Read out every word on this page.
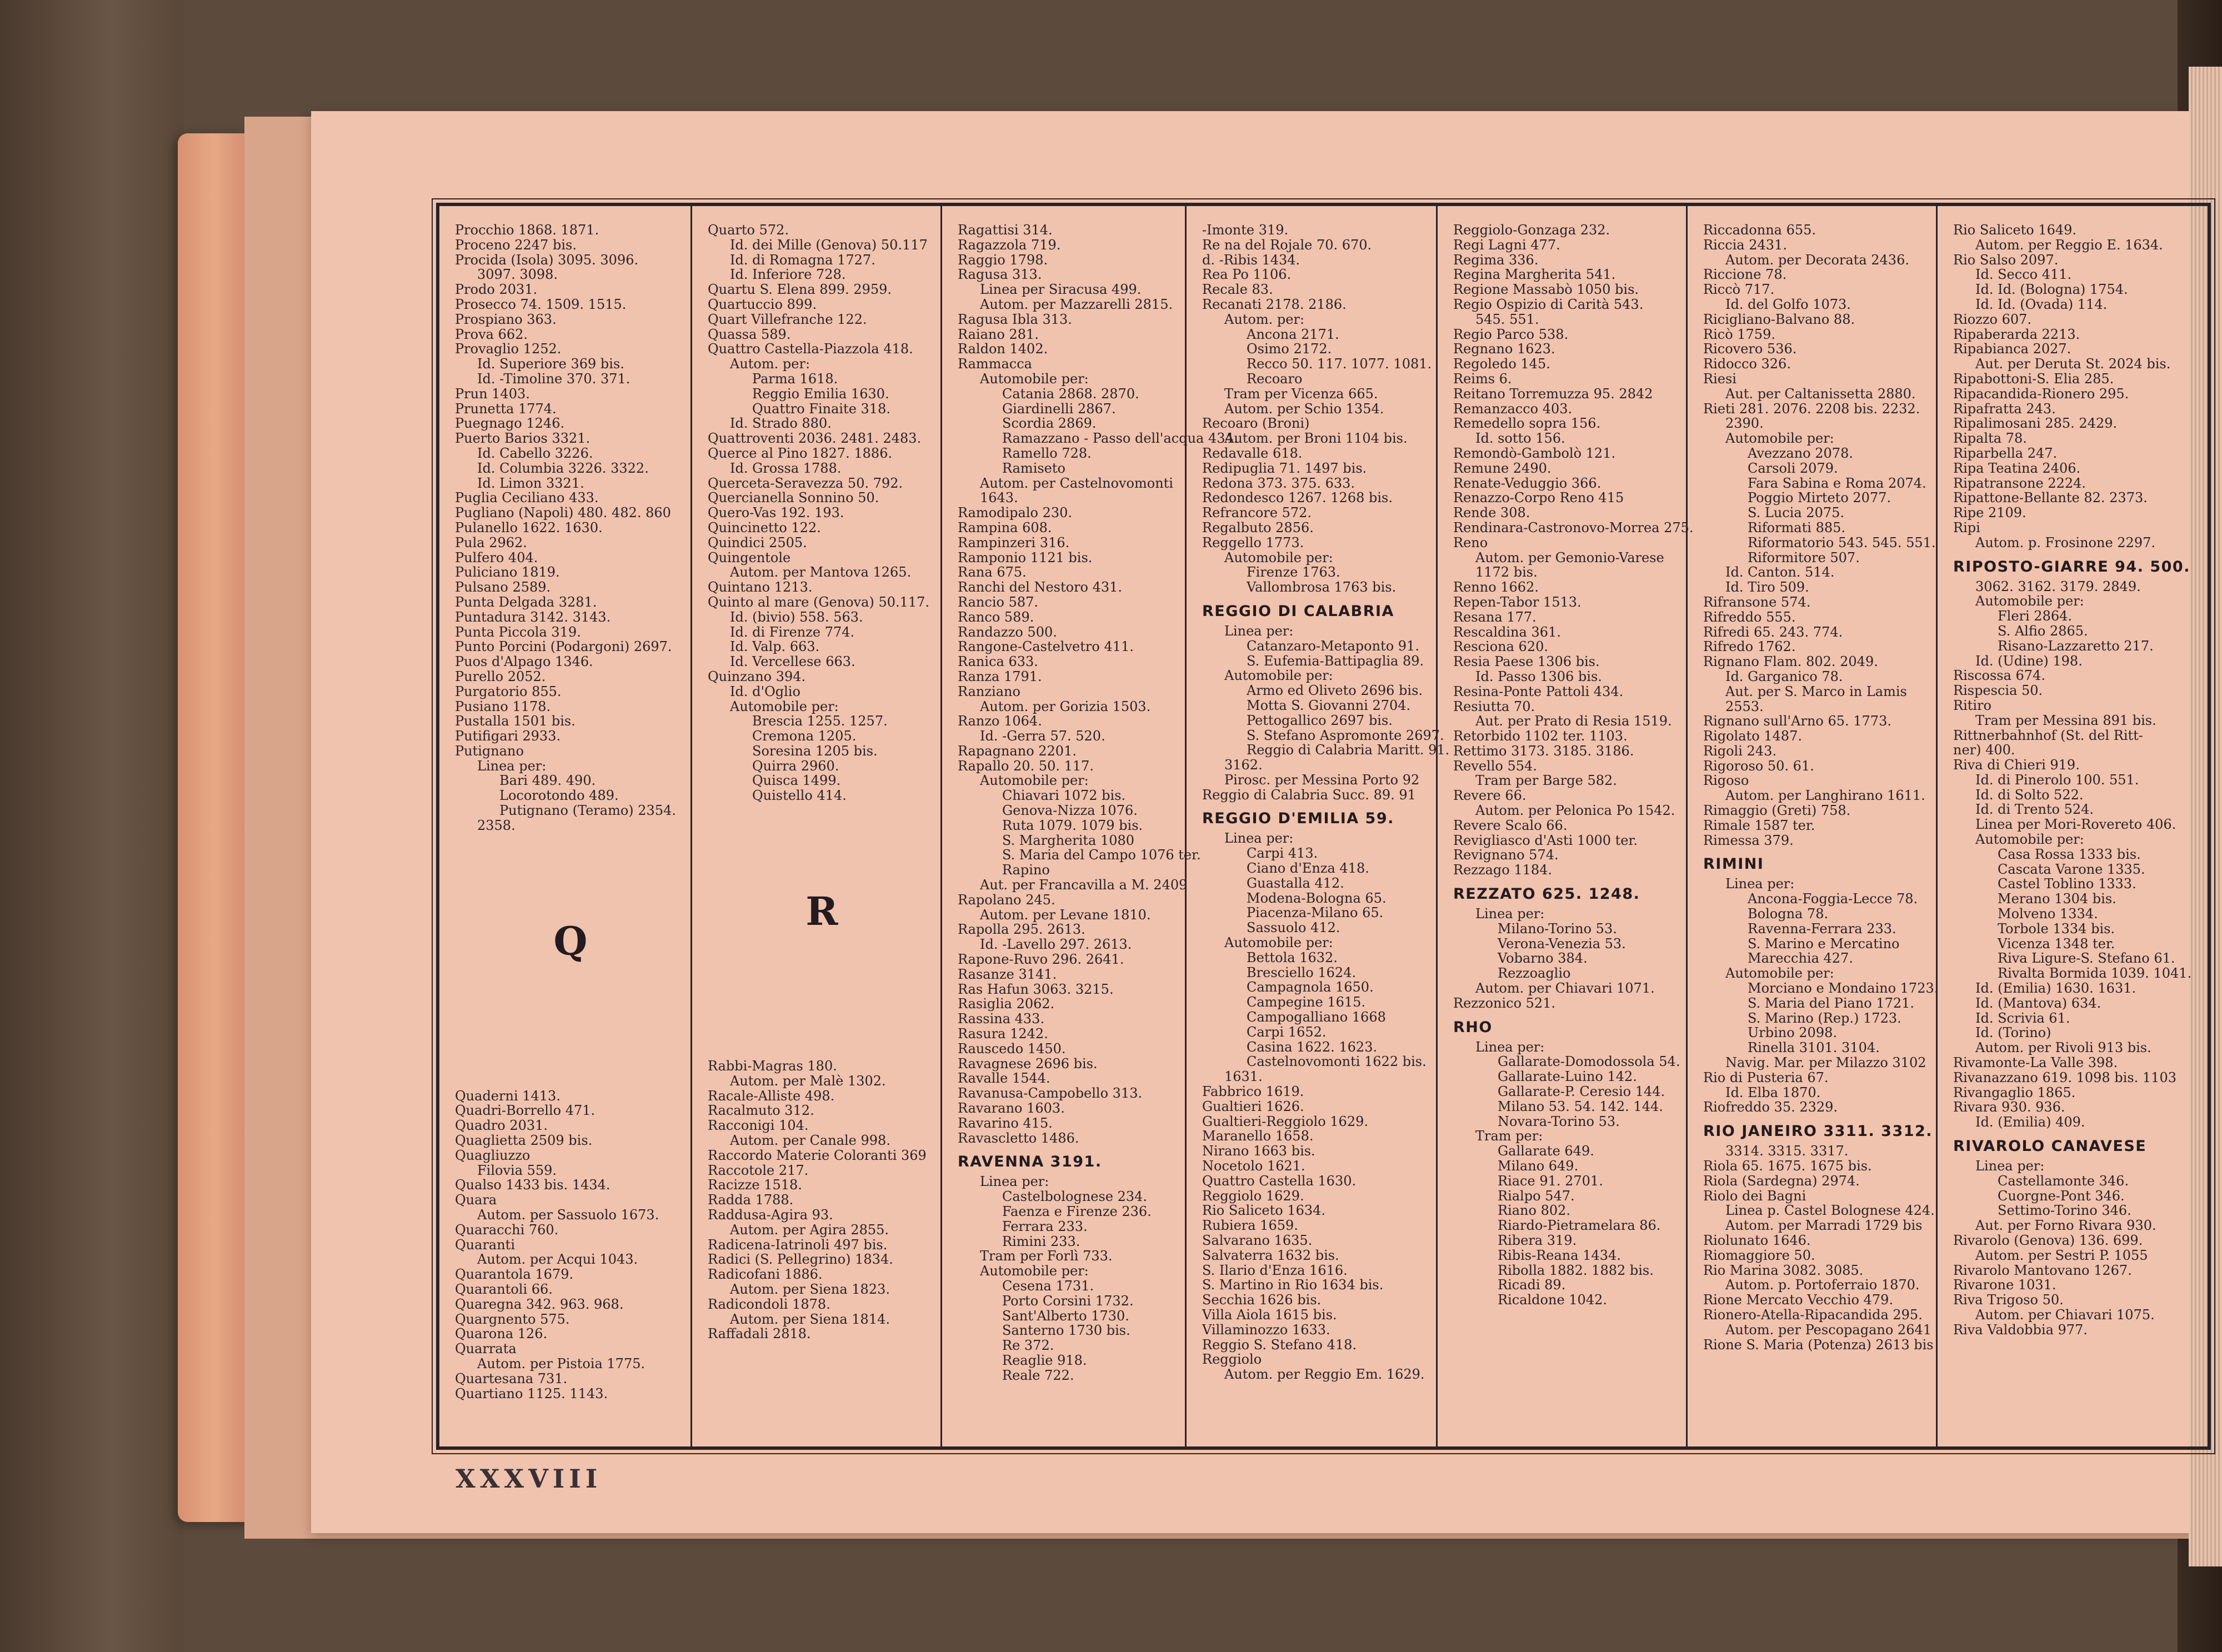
Procchio 1868. 1871.
Proceno 2247 bis.
Procida (Isola) 3095. 3096.
3097. 3098.
Prodo 2031.
Prosecco 74. 1509. 1515.
Prospiano 363.
Prova 662.
Provaglio 1252.
Id. Superiore 369 bis.
Id. -Timoline 370. 371.
Prun 1403.
Prunetta 1774.
Puegnago 1246.
Puerto Barios 3321.
Id. Cabello 3226.
Id. Columbia 3226. 3322.
Id. Limon 3321.
Puglia Ceciliano 433.
Pugliano (Napoli) 480. 482. 860
Pulanello 1622. 1630.
Pula 2962.
Pulfero 404.
Puliciano 1819.
Pulsano 2589.
Punta Delgada 3281.
Puntadura 3142. 3143.
Punta Piccola 319.
Punto Porcini (Podargoni) 2697.
Puos d'Alpago 1346.
Purello 2052.
Purgatorio 855.
Pusiano 1178.
Pustalla 1501 bis.
Putifigari 2933.
Putignano
Linea per:
Bari 489. 490.
Locorotondo 489.
Putignano (Teramo) 2354.
2358.
Q
Quaderni 1413.
Quadri-Borrello 471.
Quadro 2031.
Quaglietta 2509 bis.
Quagliuzzo
Filovia 559.
Qualso 1433 bis. 1434.
Quara
Autom. per Sassuolo 1673.
Quaracchi 760.
Quaranti
Autom. per Acqui 1043.
Quarantola 1679.
Quarantoli 66.
Quaregna 342. 963. 968.
Quargnento 575.
Quarona 126.
Quarrata
Autom. per Pistoia 1775.
Quartesana 731.
Quartiano 1125. 1143.
Quarto 572.
Id. dei Mille (Genova) 50.117
Id. di Romagna 1727.
Id. Inferiore 728.
Quartu S. Elena 899. 2959.
Quartuccio 899.
Quart Villefranche 122.
Quassa 589.
Quattro Castella-Piazzola 418.
Autom. per:
Parma 1618.
Reggio Emilia 1630.
Quattro Finaite 318.
Id. Strado 880.
Quattroventi 2036. 2481. 2483.
Querce al Pino 1827. 1886.
Id. Grossa 1788.
Querceta-Seravezza 50. 792.
Quercianella Sonnino 50.
Quero-Vas 192. 193.
Quincinetto 122.
Quindici 2505.
Quingentole
Autom. per Mantova 1265.
Quintano 1213.
Quinto al mare (Genova) 50.117.
Id. (bivio) 558. 563.
Id. di Firenze 774.
Id. Valp. 663.
Id. Vercellese 663.
Quinzano 394.
Id. d'Oglio
Automobile per:
Brescia 1255. 1257.
Cremona 1205.
Soresina 1205 bis.
Quirra 2960.
Quisca 1499.
Quistello 414.
R
Rabbi-Magras 180.
Autom. per Malè 1302.
Racale-Alliste 498.
Racalmuto 312.
Racconigi 104.
Autom. per Canale 998.
Raccordo Materie Coloranti 369
Raccotole 217.
Racizze 1518.
Radda 1788.
Raddusa-Agira 93.
Autom. per Agira 2855.
Radicena-Iatrinoli 497 bis.
Radici (S. Pellegrino) 1834.
Radicofani 1886.
Autom. per Siena 1823.
Radicondoli 1878.
Autom. per Siena 1814.
Raffadali 2818.
Ragattisi 314.
Ragazzola 719.
Raggio 1798.
Ragusa 313.
Linea per Siracusa 499.
Autom. per Mazzarelli 2815.
Ragusa Ibla 313.
Raiano 281.
Raldon 1402.
Rammacca
Automobile per:
Catania 2868. 2870.
Giardinelli 2867.
Scordia 2869.
Ramazzano - Passo dell'acqua 434.
Ramello 728.
Ramiseto
Autom. per Castelnovomonti
1643.
Ramodipalo 230.
Rampina 608.
Rampinzeri 316.
Ramponio 1121 bis.
Rana 675.
Ranchi del Nestoro 431.
Rancio 587.
Ranco 589.
Randazzo 500.
Rangone-Castelvetro 411.
Ranica 633.
Ranza 1791.
Ranziano
Autom. per Gorizia 1503.
Ranzo 1064.
Id. -Gerra 57. 520.
Rapagnano 2201.
Rapallo 20. 50. 117.
Automobile per:
Chiavari 1072 bis.
Genova-Nizza 1076.
Ruta 1079. 1079 bis.
S. Margherita 1080
S. Maria del Campo 1076 ter.
Rapino
Aut. per Francavilla a M. 2409
Rapolano 245.
Autom. per Levane 1810.
Rapolla 295. 2613.
Id. -Lavello 297. 2613.
Rapone-Ruvo 296. 2641.
Rasanze 3141.
Ras Hafun 3063. 3215.
Rasiglia 2062.
Rassina 433.
Rasura 1242.
Rauscedo 1450.
Ravagnese 2696 bis.
Ravalle 1544.
Ravanusa-Campobello 313.
Ravarano 1603.
Ravarino 415.
Ravascletto 1486.
RAVENNA 3191.
Linea per:
Castelbolognese 234.
Faenza e Firenze 236.
Ferrara 233.
Rimini 233.
Tram per Forlì 733.
Automobile per:
Cesena 1731.
Porto Corsini 1732.
Sant'Alberto 1730.
Santerno 1730 bis.
Re 372.
Reaglie 918.
Reale 722.
-Imonte 319.
Re na del Rojale 70. 670.
d. -Ribis 1434.
Rea Po 1106.
Recale 83.
Recanati 2178. 2186.
Autom. per:
Ancona 2171.
Osimo 2172.
Recco 50. 117. 1077. 1081.
Recoaro
Tram per Vicenza 665.
Autom. per Schio 1354.
Recoaro (Broni)
Autom. per Broni 1104 bis.
Redavalle 618.
Redipuglia 71. 1497 bis.
Redona 373. 375. 633.
Redondesco 1267. 1268 bis.
Refrancore 572.
Regalbuto 2856.
Reggello 1773.
Automobile per:
Firenze 1763.
Vallombrosa 1763 bis.
REGGIO DI CALABRIA
Linea per:
Catanzaro-Metaponto 91.
S. Eufemia-Battipaglia 89.
Automobile per:
Armo ed Oliveto 2696 bis.
Motta S. Giovanni 2704.
Pettogallico 2697 bis.
S. Stefano Aspromonte 2697.
Reggio di Calabria Maritt. 91.
3162.
Pirosc. per Messina Porto 92
Reggio di Calabria Succ. 89. 91
REGGIO D'EMILIA 59.
Linea per:
Carpi 413.
Ciano d'Enza 418.
Guastalla 412.
Modena-Bologna 65.
Piacenza-Milano 65.
Sassuolo 412.
Automobile per:
Bettola 1632.
Bresciello 1624.
Campagnola 1650.
Campegine 1615.
Campogalliano 1668
Carpi 1652.
Casina 1622. 1623.
Castelnovomonti 1622 bis.
1631.
Fabbrico 1619.
Gualtieri 1626.
Gualtieri-Reggiolo 1629.
Maranello 1658.
Nirano 1663 bis.
Nocetolo 1621.
Quattro Castella 1630.
Reggiolo 1629.
Rio Saliceto 1634.
Rubiera 1659.
Salvarano 1635.
Salvaterra 1632 bis.
S. Ilario d'Enza 1616.
S. Martino in Rio 1634 bis.
Secchia 1626 bis.
Villa Aiola 1615 bis.
Villaminozzo 1633.
Reggio S. Stefano 418.
Reggiolo
Autom. per Reggio Em. 1629.
Reggiolo-Gonzaga 232.
Regi Lagni 477.
Regima 336.
Regina Margherita 541.
Regione Massabò 1050 bis.
Regio Ospizio di Carità 543.
545. 551.
Regio Parco 538.
Regnano 1623.
Regoledo 145.
Reims 6.
Reitano Torremuzza 95. 2842
Remanzacco 403.
Remedello sopra 156.
Id. sotto 156.
Remondò-Gambolò 121.
Remune 2490.
Renate-Veduggio 366.
Renazzo-Corpo Reno 415
Rende 308.
Rendinara-Castronovo-Morrea 275.
Reno
Autom. per Gemonio-Varese
1172 bis.
Renno 1662.
Repen-Tabor 1513.
Resana 177.
Rescaldina 361.
Resciona 620.
Resia Paese 1306 bis.
Id. Passo 1306 bis.
Resina-Ponte Pattoli 434.
Resiutta 70.
Aut. per Prato di Resia 1519.
Retorbido 1102 ter. 1103.
Rettimo 3173. 3185. 3186.
Revello 554.
Tram per Barge 582.
Revere 66.
Autom. per Pelonica Po 1542.
Revere Scalo 66.
Revigliasco d'Asti 1000 ter.
Revignano 574.
Rezzago 1184.
REZZATO 625. 1248.
Linea per:
Milano-Torino 53.
Verona-Venezia 53.
Vobarno 384.
Rezzoaglio
Autom. per Chiavari 1071.
Rezzonico 521.
RHO
Linea per:
Gallarate-Domodossola 54.
Gallarate-Luino 142.
Gallarate-P. Ceresio 144.
Milano 53. 54. 142. 144.
Novara-Torino 53.
Tram per:
Gallarate 649.
Milano 649.
Riace 91. 2701.
Rialpo 547.
Riano 802.
Riardo-Pietramelara 86.
Ribera 319.
Ribis-Reana 1434.
Ribolla 1882. 1882 bis.
Ricadi 89.
Ricaldone 1042.
Riccadonna 655.
Riccia 2431.
Autom. per Decorata 2436.
Riccione 78.
Riccò 717.
Id. del Golfo 1073.
Ricigliano-Balvano 88.
Ricò 1759.
Ricovero 536.
Ridocco 326.
Riesi
Aut. per Caltanissetta 2880.
Rieti 281. 2076. 2208 bis. 2232.
2390.
Automobile per:
Avezzano 2078.
Carsoli 2079.
Fara Sabina e Roma 2074.
Poggio Mirteto 2077.
S. Lucia 2075.
Riformati 885.
Riformatorio 543. 545. 551.
Riformitore 507.
Id. Canton. 514.
Id. Tiro 509.
Rifransone 574.
Rifreddo 555.
Rifredi 65. 243. 774.
Rifredo 1762.
Rignano Flam. 802. 2049.
Id. Garganico 78.
Aut. per S. Marco in Lamis
2553.
Rignano sull'Arno 65. 1773.
Rigolato 1487.
Rigoli 243.
Rigoroso 50. 61.
Rigoso
Autom. per Langhirano 1611.
Rimaggio (Greti) 758.
Rimale 1587 ter.
Rimessa 379.
RIMINI
Linea per:
Ancona-Foggia-Lecce 78.
Bologna 78.
Ravenna-Ferrara 233.
S. Marino e Mercatino
Marecchia 427.
Automobile per:
Morciano e Mondaino 1723.
S. Maria del Piano 1721.
S. Marino (Rep.) 1723.
Urbino 2098.
Rinella 3101. 3104.
Navig. Mar. per Milazzo 3102
Rio di Pusteria 67.
Id. Elba 1870.
Riofreddo 35. 2329.
RIO JANEIRO 3311. 3312.
3314. 3315. 3317.
Riola 65. 1675. 1675 bis.
Riola (Sardegna) 2974.
Riolo dei Bagni
Linea p. Castel Bolognese 424.
Autom. per Marradi 1729 bis
Riolunato 1646.
Riomaggiore 50.
Rio Marina 3082. 3085.
Autom. p. Portoferraio 1870.
Rione Mercato Vecchio 479.
Rionero-Atella-Ripacandida 295.
Autom. per Pescopagano 2641
Rione S. Maria (Potenza) 2613 bis
Rio Saliceto 1649.
Autom. per Reggio E. 1634.
Rio Salso 2097.
Id. Secco 411.
Id. Id. (Bologna) 1754.
Id. Id. (Ovada) 114.
Riozzo 607.
Ripaberarda 2213.
Ripabianca 2027.
Aut. per Deruta St. 2024 bis.
Ripabottoni-S. Elia 285.
Ripacandida-Rionero 295.
Ripafratta 243.
Ripalimosani 285. 2429.
Ripalta 78.
Riparbella 247.
Ripa Teatina 2406.
Ripatransone 2224.
Ripattone-Bellante 82. 2373.
Ripe 2109.
Ripi
Autom. p. Frosinone 2297.
RIPOSTO-GIARRE 94. 500.
3062. 3162. 3179. 2849.
Automobile per:
Fleri 2864.
S. Alfio 2865.
Risano-Lazzaretto 217.
Id. (Udine) 198.
Riscossa 674.
Rispescia 50.
Ritiro
Tram per Messina 891 bis.
Rittnerbahnhof (St. del Ritt-
ner) 400.
Riva di Chieri 919.
Id. di Pinerolo 100. 551.
Id. di Solto 522.
Id. di Trento 524.
Linea per Mori-Rovereto 406.
Automobile per:
Casa Rossa 1333 bis.
Cascata Varone 1335.
Castel Toblino 1333.
Merano 1304 bis.
Molveno 1334.
Torbole 1334 bis.
Vicenza 1348 ter.
Riva Ligure-S. Stefano 61.
Rivalta Bormida 1039. 1041.
Id. (Emilia) 1630. 1631.
Id. (Mantova) 634.
Id. Scrivia 61.
Id. (Torino)
Autom. per Rivoli 913 bis.
Rivamonte-La Valle 398.
Rivanazzano 619. 1098 bis. 1103
Rivangaglio 1865.
Rivara 930. 936.
Id. (Emilia) 409.
RIVAROLO CANAVESE
Linea per:
Castellamonte 346.
Cuorgne-Pont 346.
Settimo-Torino 346.
Aut. per Forno Rivara 930.
Rivarolo (Genova) 136. 699.
Autom. per Sestri P. 1055
Rivarolo Mantovano 1267.
Rivarone 1031.
Riva Trigoso 50.
Autom. per Chiavari 1075.
Riva Valdobbia 977.
XXXVIII
